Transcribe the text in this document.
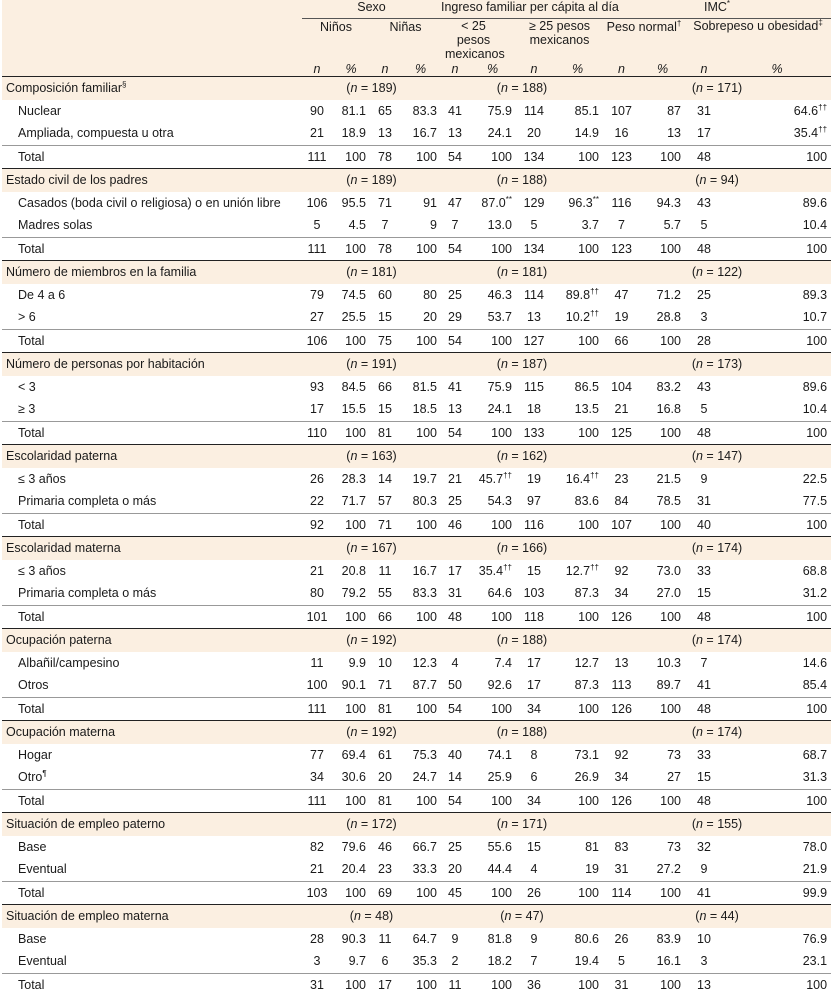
	Sexo				Ingreso familiar per cápita al día				IMC*
	Niños		Niñas		< 25 pesos mexicanos		≥ 25 pesos mexicanos		Peso normal†		Sobrepeso u obesidad‡
	n	%	n	%	n	%	n	%	n	%	n	%
Composición familiar§	(n = 189)				(n = 188)				(n = 171)			
Nuclear	90	81.1	65	83.3	41	75.9	114	85.1	107	87	31	64.6††
Ampliada, compuesta u otra	21	18.9	13	16.7	13	24.1	20	14.9	16	13	17	35.4††
Total	111	100	78	100	54	100	134	100	123	100	48	100
Estado civil de los padres	(n = 189)				(n = 188)				(n = 94)			
Casados (boda civil o religiosa) o en unión libre	106	95.5	71	91	47	87.0**	129	96.3**	116	94.3	43	89.6
Madres solas	5	4.5	7	9	7	13.0	5	3.7	7	5.7	5	10.4
Total	111	100	78	100	54	100	134	100	123	100	48	100
Número de miembros en la familia	(n = 181)				(n = 181)				(n = 122)			
De 4 a 6	79	74.5	60	80	25	46.3	114	89.8††	47	71.2	25	89.3
> 6	27	25.5	15	20	29	53.7	13	10.2††	19	28.8	3	10.7
Total	106	100	75	100	54	100	127	100	66	100	28	100
Número de personas por habitación	(n = 191)				(n = 187)				(n = 173)			
< 3	93	84.5	66	81.5	41	75.9	115	86.5	104	83.2	43	89.6
≥ 3	17	15.5	15	18.5	13	24.1	18	13.5	21	16.8	5	10.4
Total	110	100	81	100	54	100	133	100	125	100	48	100
Escolaridad paterna	(n = 163)				(n = 162)				(n = 147)			
≤ 3 años	26	28.3	14	19.7	21	45.7††	19	16.4††	23	21.5	9	22.5
Primaria completa o más	22	71.7	57	80.3	25	54.3	97	83.6	84	78.5	31	77.5
Total	92	100	71	100	46	100	116	100	107	100	40	100
Escolaridad materna	(n = 167)				(n = 166)				(n = 174)			
≤ 3 años	21	20.8	11	16.7	17	35.4††	15	12.7††	92	73.0	33	68.8
Primaria completa o más	80	79.2	55	83.3	31	64.6	103	87.3	34	27.0	15	31.2
Total	101	100	66	100	48	100	118	100	126	100	48	100
Ocupación paterna	(n = 192)				(n = 188)				(n = 174)			
Albañil/campesino	11	9.9	10	12.3	4	7.4	17	12.7	13	10.3	7	14.6
Otros	100	90.1	71	87.7	50	92.6	17	87.3	113	89.7	41	85.4
Total	111	100	81	100	54	100	34	100	126	100	48	100
Ocupación materna	(n = 192)				(n = 188)				(n = 174)			
Hogar	77	69.4	61	75.3	40	74.1	8	73.1	92	73	33	68.7
Otro¶	34	30.6	20	24.7	14	25.9	6	26.9	34	27	15	31.3
Total	111	100	81	100	54	100	34	100	126	100	48	100
Situación de empleo paterno	(n = 172)				(n = 171)				(n = 155)			
Base	82	79.6	46	66.7	25	55.6	15	81	83	73	32	78.0
Eventual	21	20.4	23	33.3	20	44.4	4	19	31	27.2	9	21.9
Total	103	100	69	100	45	100	26	100	114	100	41	99.9
Situación de empleo materna	(n = 48)				(n = 47)				(n = 44)			
Base	28	90.3	11	64.7	9	81.8	9	80.6	26	83.9	10	76.9
Eventual	3	9.7	6	35.3	2	18.2	7	19.4	5	16.1	3	23.1
Total	31	100	17	100	11	100	36	100	31	100	13	100
